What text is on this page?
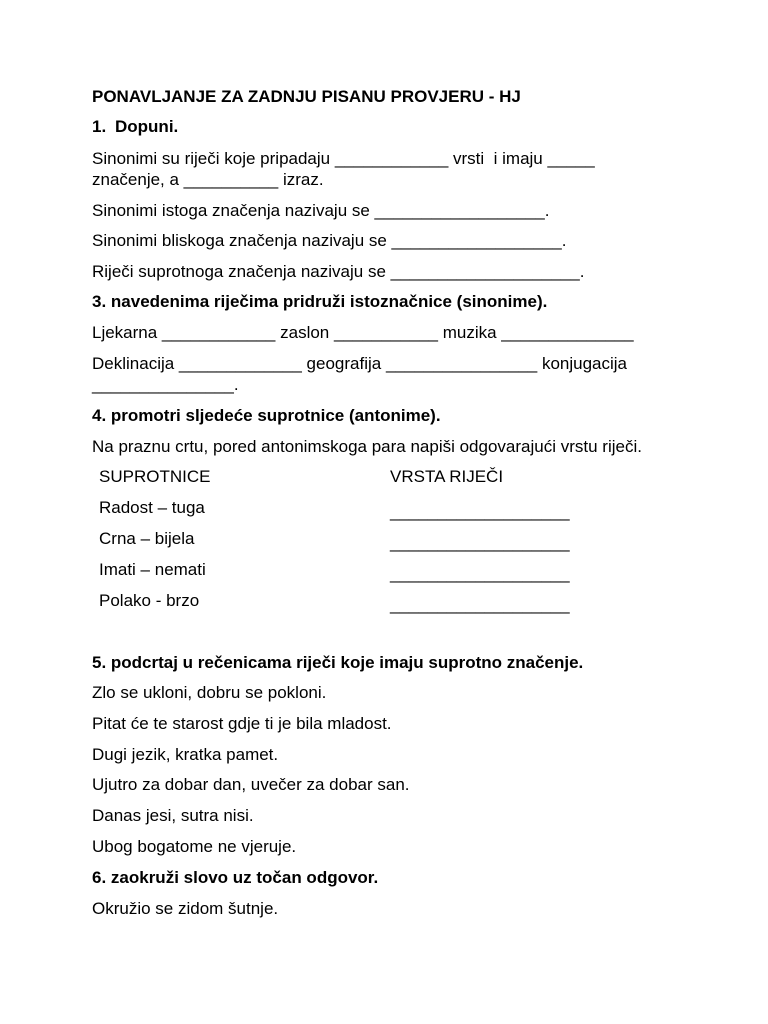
PONAVLJANJE ZA ZADNJU PISANU PROVJERU - HJ
1. Dopuni.
Sinonimi su riječi koje pripadaju ____________ vrsti  i imaju _____
značenje, a __________ izraz.
Sinonimi istoga značenja nazivaju se __________________.
Sinonimi bliskoga značenja nazivaju se __________________.
Riječi suprotnoga značenja nazivaju se ____________________.
3. navedenima riječima pridruži istoznačnice (sinonime).
Ljekarna ____________ zaslon ___________ muzika ______________
Deklinacija _____________ geografija ________________ konjugacija
_______________.
4. promotri sljedeće suprotnice (antonime).
Na praznu crtu, pored antonimskoga para napiši odgovarajući vrstu riječi.
SUPROTNICE	VRSTA RIJEČI
Radost – tuga	___________________
Crna – bijela	___________________
Imati – nemati	___________________
Polako - brzo	___________________
5. podcrtaj u rečenicama riječi koje imaju suprotno značenje.
Zlo se ukloni, dobru se pokloni.
Pitat će te starost gdje ti je bila mladost.
Dugi jezik, kratka pamet.
Ujutro za dobar dan, uvečer za dobar san.
Danas jesi, sutra nisi.
Ubog bogatome ne vjeruje.
6. zaokruži slovo uz točan odgovor.
Okružio se zidom šutnje.
